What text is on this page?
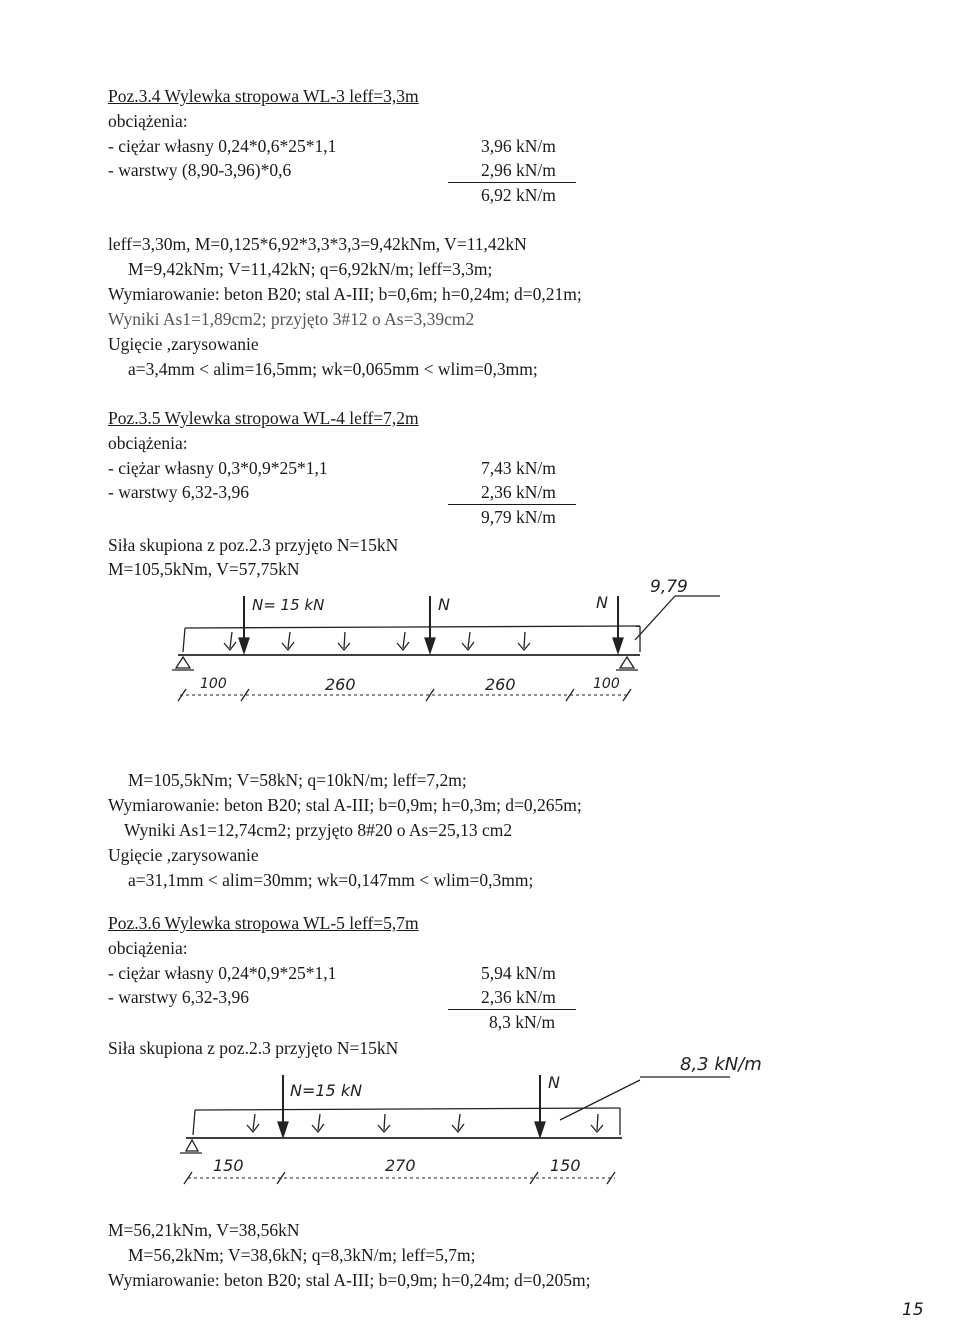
Poz.3.4 Wylewka stropowa WL-3 leff=3,3m
obciążenia:
- ciężar własny 0,24*0,6*25*1,1	3,96 kN/m
- warstwy (8,90-3,96)*0,6	2,96 kN/m
6,92 kN/m
leff=3,30m, M=0,125*6,92*3,3*3,3=9,42kNm, V=11,42kN
M=9,42kNm; V=11,42kN; q=6,92kN/m; leff=3,3m;
Wymiarowanie: beton B20; stal A-III; b=0,6m; h=0,24m; d=0,21m;
Wyniki As1=1,89cm2; przyjęto 3#12 o As=3,39cm2
Ugięcie ,zarysowanie
a=3,4mm < alim=16,5mm; wk=0,065mm < wlim=0,3mm;
Poz.3.5 Wylewka stropowa WL-4 leff=7,2m
obciążenia:
- ciężar własny 0,3*0,9*25*1,1	7,43 kN/m
- warstwy 6,32-3,96	2,36 kN/m
9,79 kN/m
Siła skupiona z poz.2.3 przyjęto N=15kN
M=105,5kNm, V=57,75kN
9,79
N= 15 kN	N	N
100	260	260	100
M=105,5kNm; V=58kN; q=10kN/m; leff=7,2m;
Wymiarowanie: beton B20; stal A-III; b=0,9m; h=0,3m; d=0,265m;
Wyniki As1=12,74cm2; przyjęto 8#20 o As=25,13 cm2
Ugięcie ,zarysowanie
a=31,1mm < alim=30mm; wk=0,147mm < wlim=0,3mm;
Poz.3.6 Wylewka stropowa WL-5 leff=5,7m
obciążenia:
- ciężar własny 0,24*0,9*25*1,1	5,94 kN/m
- warstwy 6,32-3,96	2,36 kN/m
8,3 kN/m
Siła skupiona z poz.2.3 przyjęto N=15kN
8,3 kN/m
N=15 kN	N
150	270	150
M=56,21kNm, V=38,56kN
M=56,2kNm; V=38,6kN; q=8,3kN/m; leff=5,7m;
Wymiarowanie: beton B20; stal A-III; b=0,9m; h=0,24m; d=0,205m;
15
